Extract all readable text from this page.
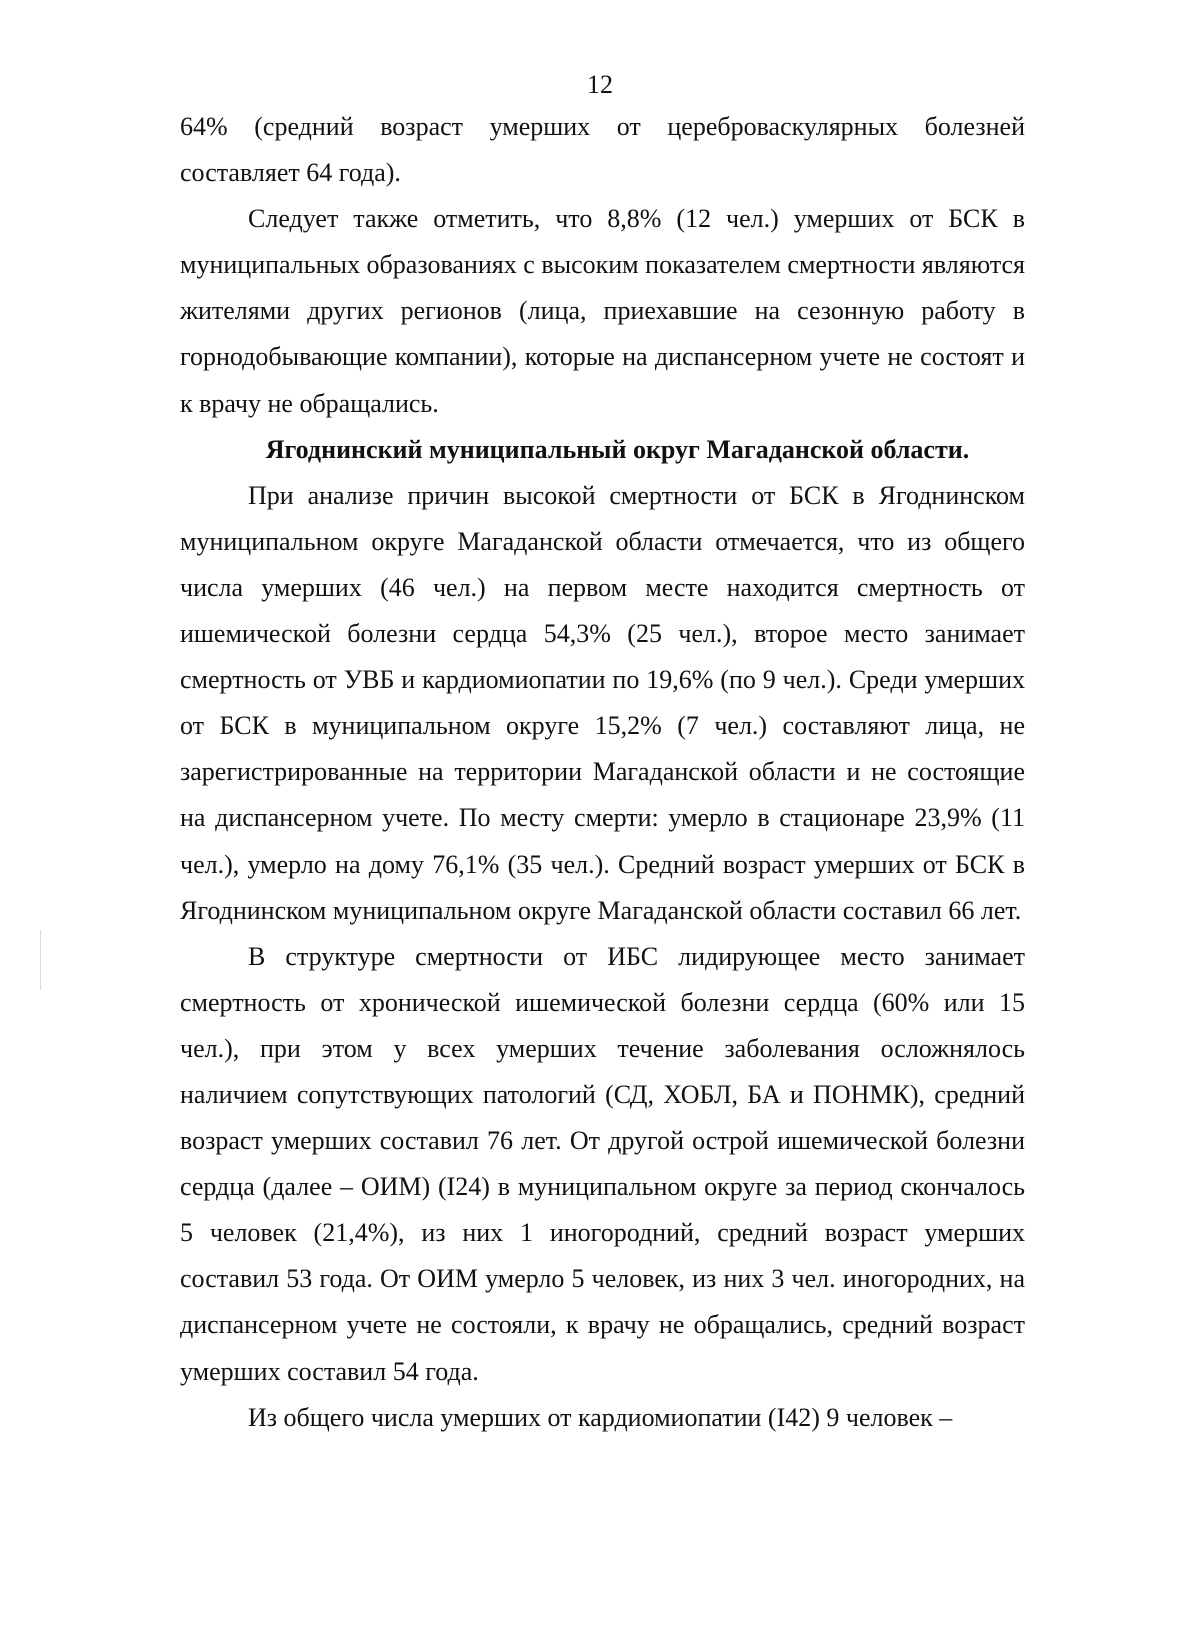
12

64% (средний возраст умерших от цереброваскулярных болезней составляет 64 года).

Следует также отметить, что 8,8% (12 чел.) умерших от БСК в муниципальных образованиях с высоким показателем смертности являются жителями других регионов (лица, приехавшие на сезонную работу в горнодобывающие компании), которые на диспансерном учете не состоят и к врачу не обращались.

Ягоднинский муниципальный округ Магаданской области.

При анализе причин высокой смертности от БСК в Ягоднинском муниципальном округе Магаданской области отмечается, что из общего числа умерших (46 чел.) на первом месте находится смертность от ишемической болезни сердца 54,3% (25 чел.), второе место занимает смертность от УВБ и кардиомиопатии по 19,6% (по 9 чел.). Среди умерших от БСК в муниципальном округе 15,2% (7 чел.) составляют лица, не зарегистрированные на территории Магаданской области и не состоящие на диспансерном учете. По месту смерти: умерло в стационаре 23,9% (11 чел.), умерло на дому 76,1% (35 чел.). Средний возраст умерших от БСК в Ягоднинском муниципальном округе Магаданской области составил 66 лет.

В структуре смертности от ИБС лидирующее место занимает смертность от хронической ишемической болезни сердца (60% или 15 чел.), при этом у всех умерших течение заболевания осложнялось наличием сопутствующих патологий (СД, ХОБЛ, БА и ПОНМК), средний возраст умерших составил 76 лет. От другой острой ишемической болезни сердца (далее – ОИМ) (I24) в муниципальном округе за период скончалось 5 человек (21,4%), из них 1 иногородний, средний возраст умерших составил 53 года. От ОИМ умерло 5 человек, из них 3 чел. иногородних, на диспансерном учете не состояли, к врачу не обращались, средний возраст умерших составил 54 года.

Из общего числа умерших от кардиомиопатии (I42) 9 человек –
